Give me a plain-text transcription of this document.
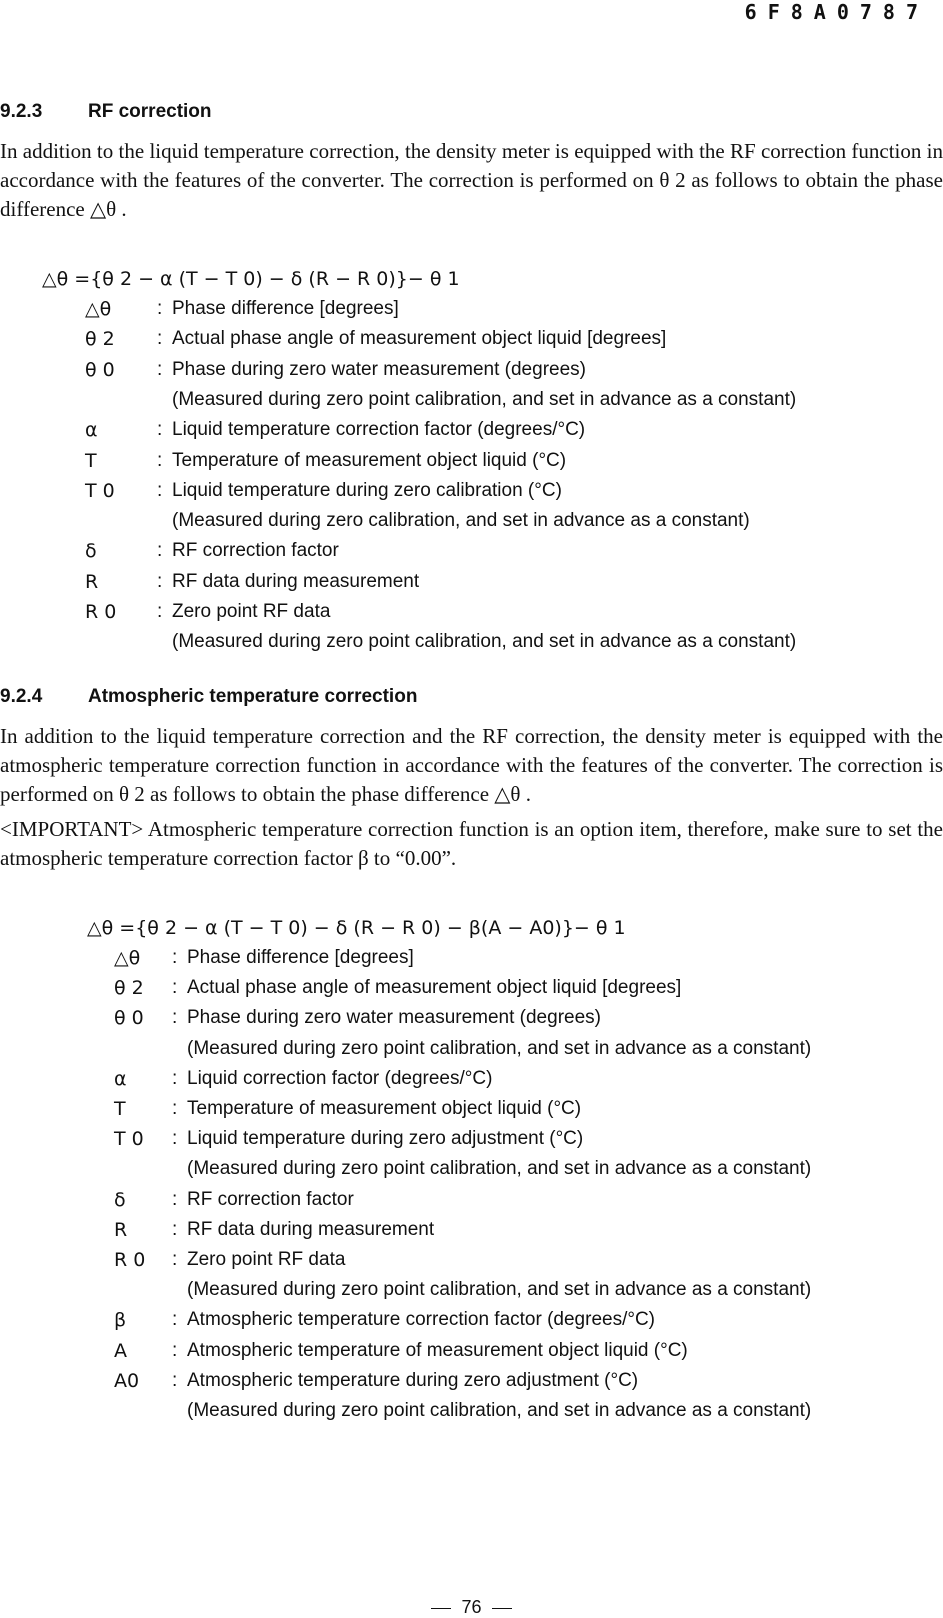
6F8A0787
9.2.3 RF correction
In addition to the liquid temperature correction, the density meter is equipped with the RF correction function in accordance with the features of the converter. The correction is performed on θ 2 as follows to obtain the phase difference △θ .
△θ ={θ 2 − α (T − T 0) − δ (R − R 0)}− θ 1
△θ : Phase difference [degrees]
θ 2 : Actual phase angle of measurement object liquid [degrees]
θ 0 : Phase during zero water measurement (degrees)
(Measured during zero point calibration, and set in advance as a constant)
α	: Liquid temperature correction factor (degrees/°C)
T	: Temperature of measurement object liquid (°C)
T 0 : Liquid temperature during zero calibration (°C)
(Measured during zero calibration, and set in advance as a constant)
δ	: RF correction factor
R	: RF data during measurement
R 0 : Zero point RF data
(Measured during zero point calibration, and set in advance as a constant)
9.2.4 Atmospheric temperature correction
In addition to the liquid temperature correction and the RF correction, the density meter is equipped with the atmospheric temperature correction function in accordance with the features of the converter. The correction is performed on θ 2 as follows to obtain the phase difference △θ .
<IMPORTANT> Atmospheric temperature correction function is an option item, therefore, make sure to set the atmospheric temperature correction factor β to “0.00”.
△θ ={θ 2 − α (T − T 0) − δ (R − R 0) − β(A − A0)}− θ 1
△θ : Phase difference [degrees]
θ 2 : Actual phase angle of measurement object liquid [degrees]
θ 0 : Phase during zero water measurement (degrees)
(Measured during zero point calibration, and set in advance as a constant)
α : Liquid correction factor (degrees/°C)
T : Temperature of measurement object liquid (°C)
T 0 : Liquid temperature during zero adjustment (°C)
(Measured during zero point calibration, and set in advance as a constant)
δ : RF correction factor
R : RF data during measurement
R 0 : Zero point RF data
(Measured during zero point calibration, and set in advance as a constant)
β : Atmospheric temperature correction factor (degrees/°C)
A : Atmospheric temperature of measurement object liquid (°C)
A0 : Atmospheric temperature during zero adjustment (°C)
(Measured during zero point calibration, and set in advance as a constant)
76
